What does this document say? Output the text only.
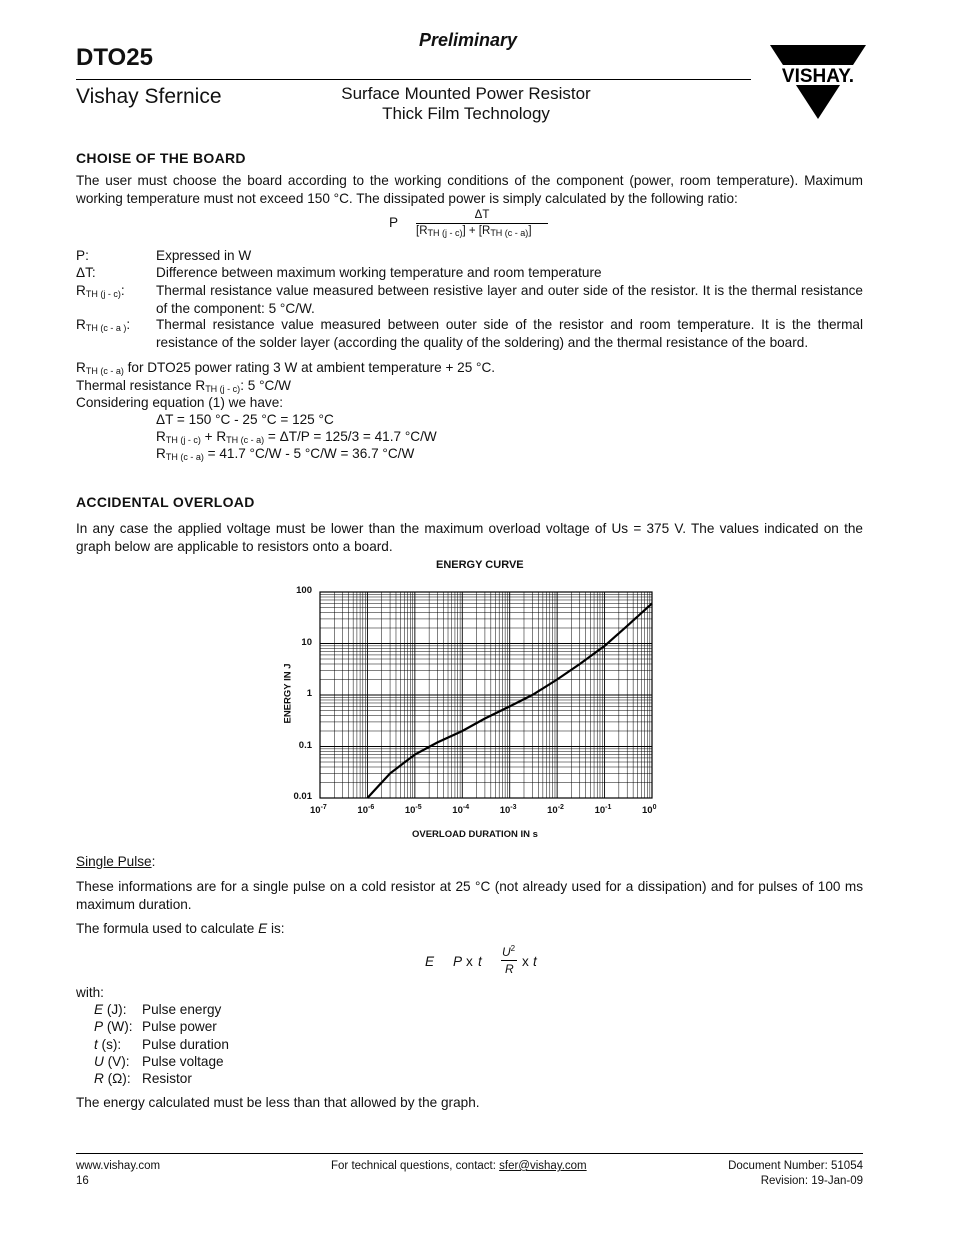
DTO25
Preliminary
Vishay Sfernice	Surface Mounted Power Resistor
Thick Film Technology
VISHAY.
CHOISE OF THE BOARD
The user must choose the board according to the working conditions of the component (power, room temperature). Maximum working temperature must not exceed 150 °C. The dissipated power is simply calculated by the following ratio:
P	ΔT
$[R_{TH (j - c)}] + [R_{TH (c - a)}]$
P:	Expressed in W
ΔT:	Difference between maximum working temperature and room temperature
$R_{TH (j - c)}$:	Thermal resistance value measured between resistive layer and outer side of the resistor. It is the thermal resistance of the component: 5 °C/W.
$R_{TH (c - a )}$:	Thermal resistance value measured between outer side of the resistor and room temperature. It is the thermal resistance of the solder layer (according the quality of the soldering) and the thermal resistance of the board.
$R_{TH (c - a)}$ for DTO25 power rating 3 W at ambient temperature + 25 °C.
Thermal resistance $R_{TH (j - c)}$: 5 °C/W
Considering equation (1) we have:
ΔT = 150 °C - 25 °C = 125 °C
$R_{TH (j - c)} + R_{TH (c - a)} = \Delta T/P = 125/3 = 41.7$ °C/W
$R_{TH (c - a)} = 41.7$ °C/W - 5 °C/W = 36.7 °C/W
ACCIDENTAL OVERLOAD
In any case the applied voltage must be lower than the maximum overload voltage of Us = 375 V. The values indicated on the graph below are applicable to resistors onto a board.
ENERGY CURVE
100
10
1
0.1
0.01
$10^{-7}$	$10^{-6}$	$10^{-5}$	$10^{-4}$	$10^{-3}$	$10^{-2}$	$10^{-1}$	$10^0$
ENERGY IN J
OVERLOAD DURATION IN s
Single Pulse:
These informations are for a single pulse on a cold resistor at 25 °C (not already used for a dissipation) and for pulses of 100 ms maximum duration.
The formula used to calculate E is:
E P x t
$U^2$
R x t
with:
E (J): Pulse energy
P (W): Pulse power
t (s): Pulse duration
U (V): Pulse voltage
R (Ω): Resistor
The energy calculated must be less than that allowed by the graph.
www.vishay.com
16
For technical questions, contact: sfer@vishay.com	Document Number: 51054
Revision: 19-Jan-09
